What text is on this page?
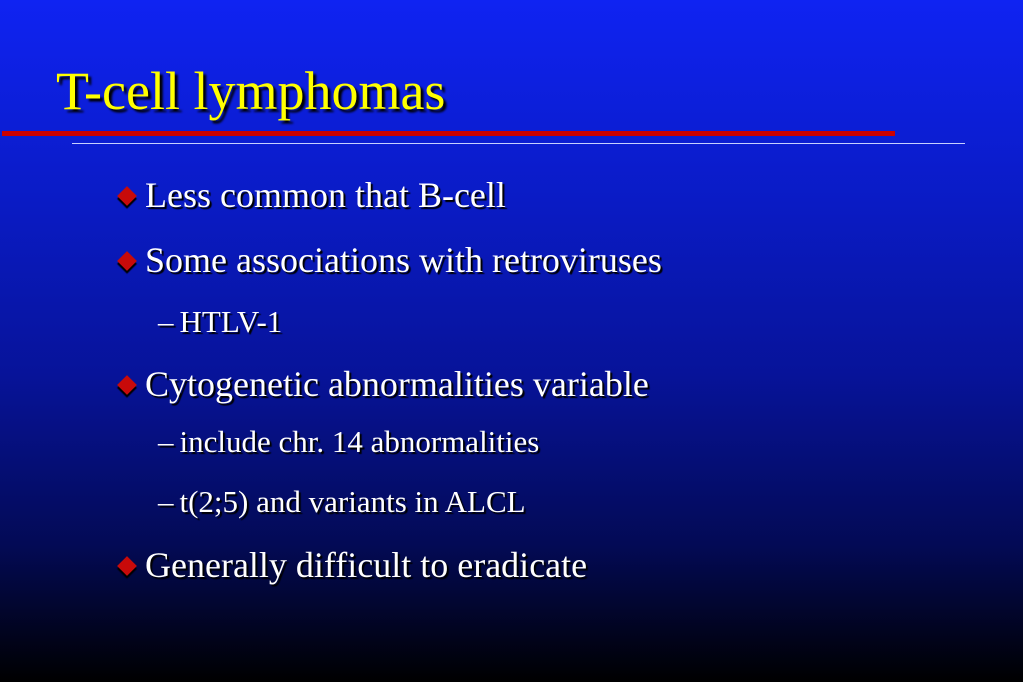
T-cell lymphomas
Less common that B-cell
Some associations with retroviruses
– HTLV-1
Cytogenetic abnormalities variable
– include chr. 14 abnormalities
– t(2;5) and variants in ALCL
Generally difficult to eradicate
